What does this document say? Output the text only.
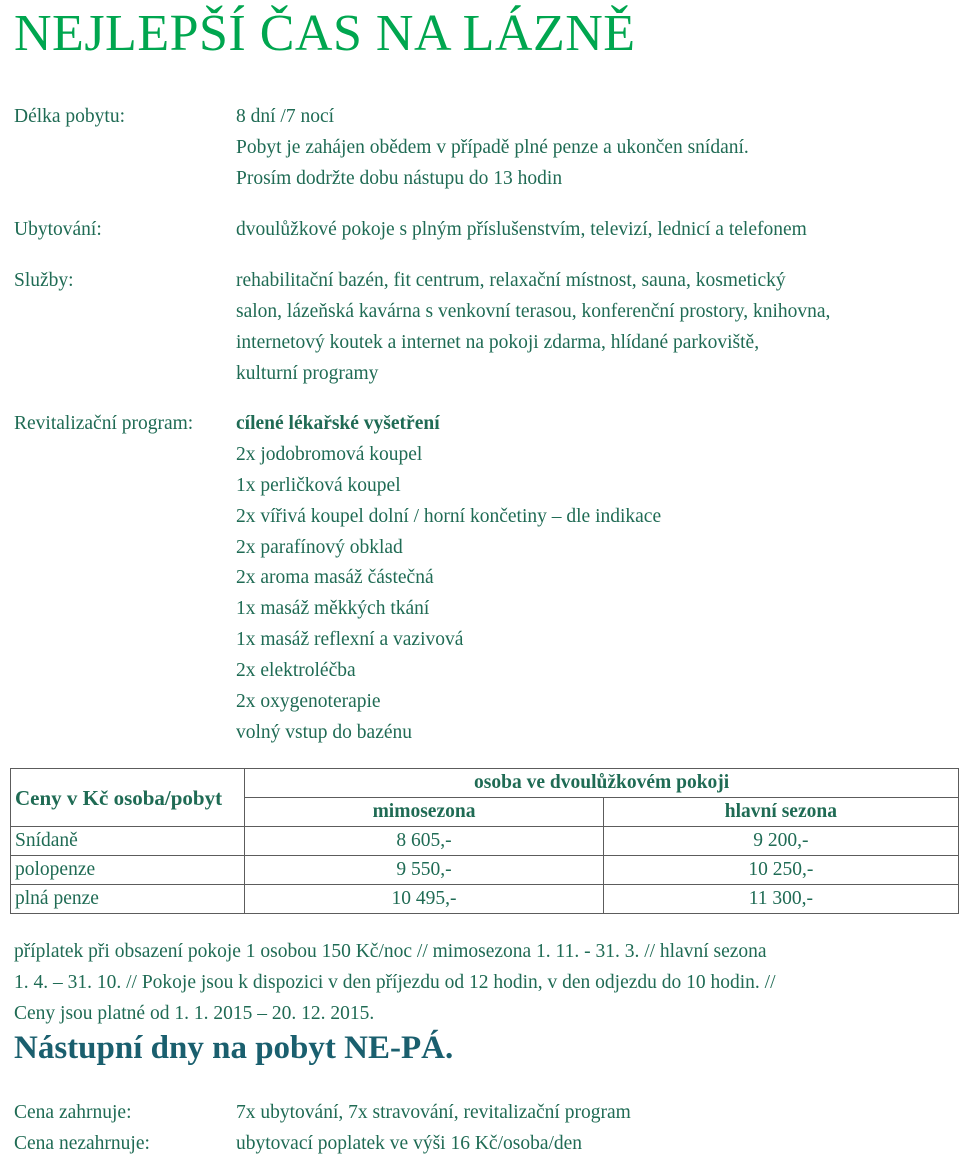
NEJLEPŠÍ ČAS NA LÁZNĚ
Délka pobytu:	8 dní /7 nocí
Pobyt je zahájen obědem v případě plné penze a ukončen snídaní.
Prosím dodržte dobu nástupu do 13 hodin
Ubytování:	dvoulůžkové pokoje s plným příslušenstvím, televizí, lednicí a telefonem
Služby:	rehabilitační bazén, fit centrum, relaxační místnost, sauna, kosmetický
salon, lázeňská kavárna s venkovní terasou, konferenční prostory, knihovna,
internetový koutek a internet na pokoji zdarma, hlídané parkoviště,
kulturní programy
Revitalizační program: cílené lékařské vyšetření
2x jodobromová koupel
1x perličková koupel
2x vířivá koupel dolní / horní končetiny – dle indikace
2x parafínový obklad
2x aroma masáž částečná
1x masáž měkkých tkání
1x masáž reflexní a vazivová
2x elektroléčba
2x oxygenoterapie
volný vstup do bazénu
Ceny v Kč osoba/pobyt	osoba ve dvoulůžkovém pokoji	
	mimosezona	hlavní sezona
Snídaně	8 605,-	9 200,-
polopenze	9 550,-	10 250,-
plná penze	10 495,-	11 300,-
příplatek při obsazení pokoje 1 osobou 150 Kč/noc // mimosezona 1. 11. - 31. 3. // hlavní sezona
1. 4. – 31. 10. // Pokoje jsou k dispozici v den příjezdu od 12 hodin, v den odjezdu do 10 hodin. //
Ceny jsou platné od 1. 1. 2015 – 20. 12. 2015.
Nástupní dny na pobyt NE-PÁ.
Cena zahrnuje:	7x ubytování, 7x stravování, revitalizační program
Cena nezahrnuje:	ubytovací poplatek ve výši 16 Kč/osoba/den
